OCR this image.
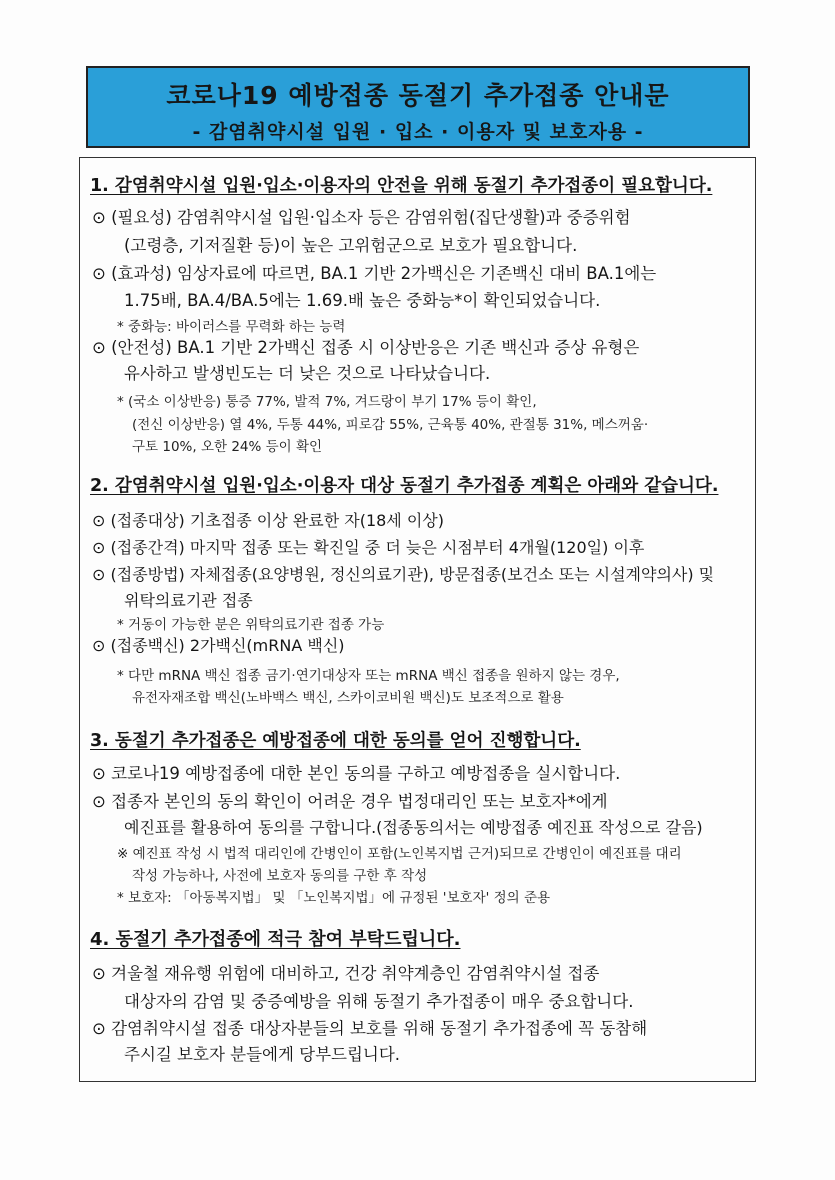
코로나19 예방접종 동절기 추가접종 안내문
- 감염취약시설 입원 · 입소 · 이용자 및 보호자용 -
1. 감염취약시설 입원·입소·이용자의 안전을 위해 동절기 추가접종이 필요합니다.
⊙ (필요성) 감염취약시설 입원·입소자 등은 감염위험(집단생활)과 중증위험
(고령층, 기저질환 등)이 높은 고위험군으로 보호가 필요합니다.
⊙ (효과성) 임상자료에 따르면, BA.1 기반 2가백신은 기존백신 대비 BA.1에는
1.75배, BA.4/BA.5에는 1.69.배 높은 중화능*이 확인되었습니다.
* 중화능: 바이러스를 무력화 하는 능력
⊙ (안전성) BA.1 기반 2가백신 접종 시 이상반응은 기존 백신과 증상 유형은
유사하고 발생빈도는 더 낮은 것으로 나타났습니다.
* (국소 이상반응) 통증 77%, 발적 7%, 겨드랑이 부기 17% 등이 확인,
(전신 이상반응) 열 4%, 두통 44%, 피로감 55%, 근육통 40%, 관절통 31%, 메스꺼움·
구토 10%, 오한 24% 등이 확인
2. 감염취약시설 입원·입소·이용자 대상 동절기 추가접종 계획은 아래와 같습니다.
⊙ (접종대상) 기초접종 이상 완료한 자(18세 이상)
⊙ (접종간격) 마지막 접종 또는 확진일 중 더 늦은 시점부터 4개월(120일) 이후
⊙ (접종방법) 자체접종(요양병원, 정신의료기관), 방문접종(보건소 또는 시설계약의사) 및
위탁의료기관 접종
* 거동이 가능한 분은 위탁의료기관 접종 가능
⊙ (접종백신) 2가백신(mRNA 백신)
* 다만 mRNA 백신 접종 금기·연기대상자 또는 mRNA 백신 접종을 원하지 않는 경우,
유전자재조합 백신(노바백스 백신, 스카이코비원 백신)도 보조적으로 활용
3. 동절기 추가접종은 예방접종에 대한 동의를 얻어 진행합니다.
⊙ 코로나19 예방접종에 대한 본인 동의를 구하고 예방접종을 실시합니다.
⊙ 접종자 본인의 동의 확인이 어려운 경우 법정대리인 또는 보호자*에게
예진표를 활용하여 동의를 구합니다.(접종동의서는 예방접종 예진표 작성으로 갈음)
※ 예진표 작성 시 법적 대리인에 간병인이 포함(노인복지법 근거)되므로 간병인이 예진표를 대리
작성 가능하나, 사전에 보호자 동의를 구한 후 작성
* 보호자: 「아동복지법」 및 「노인복지법」에 규정된 '보호자' 정의 준용
4. 동절기 추가접종에 적극 참여 부탁드립니다.
⊙ 겨울철 재유행 위험에 대비하고, 건강 취약계층인 감염취약시설 접종
대상자의 감염 및 중증예방을 위해 동절기 추가접종이 매우 중요합니다.
⊙ 감염취약시설 접종 대상자분들의 보호를 위해 동절기 추가접종에 꼭 동참해
주시길 보호자 분들에게 당부드립니다.
